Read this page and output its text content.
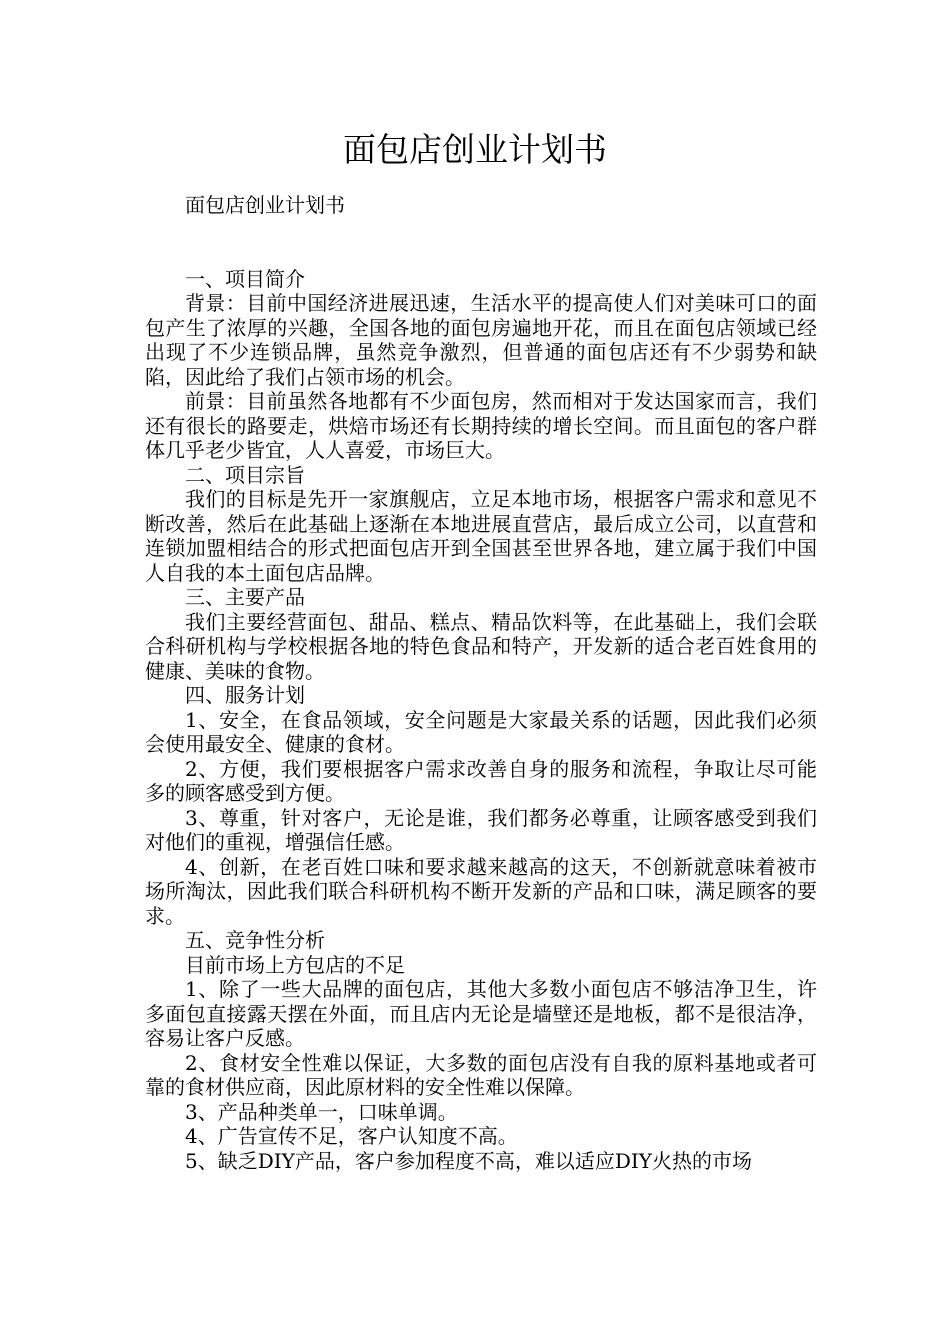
面包店创业计划书

面包店创业计划书

一、项目简介

背景：目前中国经济进展迅速，生活水平的提高使人们对美味可口的面包产生了浓厚的兴趣，全国各地的面包房遍地开花，而且在面包店领域已经出现了不少连锁品牌，虽然竞争激烈，但普通的面包店还有不少弱势和缺陷，因此给了我们占领市场的机会。

前景：目前虽然各地都有不少面包房，然而相对于发达国家而言，我们还有很长的路要走，烘焙市场还有长期持续的增长空间。而且面包的客户群体几乎老少皆宜，人人喜爱，市场巨大。

二、项目宗旨

我们的目标是先开一家旗舰店，立足本地市场，根据客户需求和意见不断改善，然后在此基础上逐渐在本地进展直营店，最后成立公司，以直营和连锁加盟相结合的形式把面包店开到全国甚至世界各地，建立属于我们中国人自我的本土面包店品牌。

三、主要产品

我们主要经营面包、甜品、糕点、精品饮料等，在此基础上，我们会联合科研机构与学校根据各地的特色食品和特产，开发新的适合老百姓食用的健康、美味的食物。

四、服务计划

1、安全，在食品领域，安全问题是大家最关系的话题，因此我们必须会使用最安全、健康的食材。

2、方便，我们要根据客户需求改善自身的服务和流程，争取让尽可能多的顾客感受到方便。

3、尊重，针对客户，无论是谁，我们都务必尊重，让顾客感受到我们对他们的重视，增强信任感。

4、创新，在老百姓口味和要求越来越高的这天，不创新就意味着被市场所淘汰，因此我们联合科研机构不断开发新的产品和口味，满足顾客的要求。

五、竞争性分析

目前市场上方包店的不足

1、除了一些大品牌的面包店，其他大多数小面包店不够洁净卫生，许多面包直接露天摆在外面，而且店内无论是墙壁还是地板，都不是很洁净，容易让客户反感。

2、食材安全性难以保证，大多数的面包店没有自我的原料基地或者可靠的食材供应商，因此原材料的安全性难以保障。

3、产品种类单一，口味单调。

4、广告宣传不足，客户认知度不高。

5、缺乏DIY产品，客户参加程度不高，难以适应DIY火热的市场
